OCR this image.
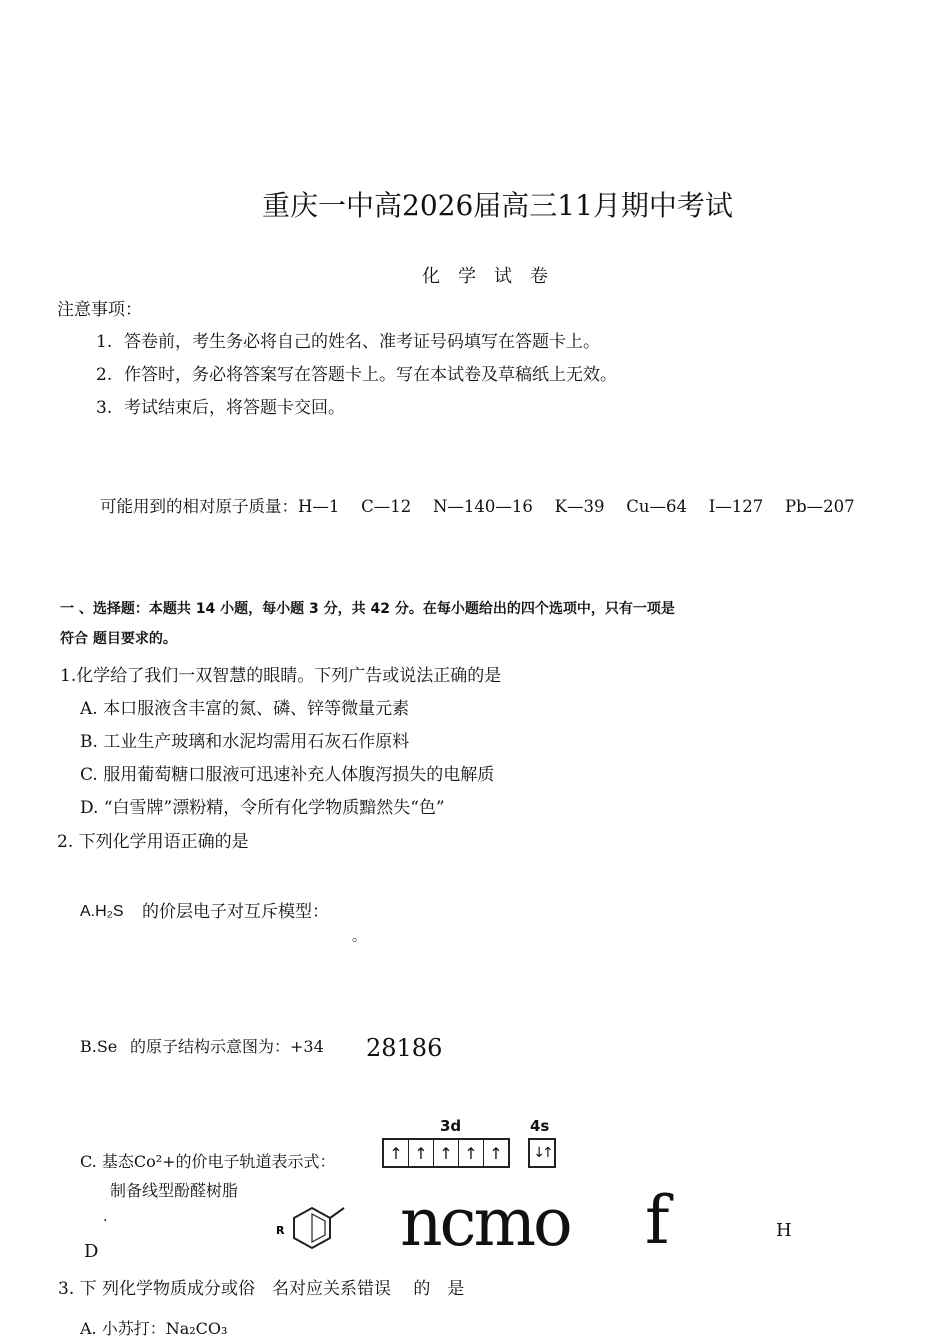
重庆一中高2026届高三11月期中考试
化　学　试　卷
注意事项：
1. 答卷前，考生务必将自己的姓名、准考证号码填写在答题卡上。
2. 作答时，务必将答案写在答题卡上。写在本试卷及草稿纸上无效。
3. 考试结束后，将答题卡交回。
可能用到的相对原子质量：H—1　 C—12　 N—140—16　 K—39　 Cu—64　 I—127　 Pb—207
一 、选择题：本题共 14 小题，每小题 3 分，共 42 分。在每小题给出的四个选项中，只有一项是
符合 题目要求的。
1.化学给了我们一双智慧的眼睛。下列广告或说法正确的是
A. 本口服液含丰富的氮、磷、锌等微量元素
B. 工业生产玻璃和水泥均需用石灰石作原料
C. 服用葡萄糖口服液可迅速补充人体腹泻损失的电解质
D. “白雪牌”漂粉精，令所有化学物质黯然失“色”
2. 下列化学用语正确的是
A.H₂S 的价层电子对互斥模型：
。
B.Se 的原子结构示意图为：+34 28186
C. 基态Co²+的价电子轨道表示式：
3d	4s
↑ ↑ ↑ ↑ ↑	↓↑
制备线型酚醛树脂
.
D
R ncmo f	H
3. 下 列化学物质成分或俗　名对应关系错误　 的　是
A. 小苏打：Na₂CO₃
